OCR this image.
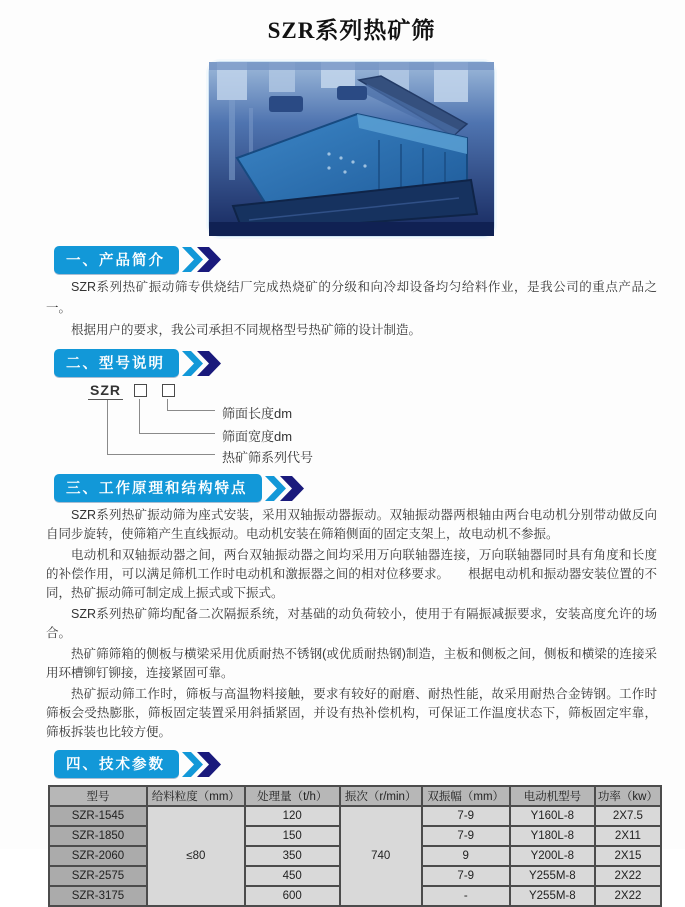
SZR系列热矿筛
一、产品简介

SZR系列热矿振动筛专供烧结厂完成热烧矿的分级和向冷却设备均匀给料作业，是我公司的重点产品之一。

根据用户的要求，我公司承担不同规格型号热矿筛的设计制造。

二、型号说明
SZR
筛面长度dm
筛面宽度dm
热矿筛系列代号
三、工作原理和结构特点

SZR系列热矿振动筛为座式安装，采用双轴振动器振动。双轴振动器两根轴由两台电动机分别带动做反向自同步旋转，使筛箱产生直线振动。电动机安装在筛箱侧面的固定支架上，故电动机不参振。

电动机和双轴振动器之间，两台双轴振动器之间均采用万向联轴器连接，万向联轴器同时具有角度和长度的补偿作用，可以满足筛机工作时电动机和激振器之间的相对位移要求。　　根据电动机和振动器安装位置的不同，热矿振动筛可制定成上振式或下振式。

SZR系列热矿筛均配备二次隔振系统，对基础的动负荷较小，使用于有隔振减振要求，安装高度允许的场合。

热矿筛筛箱的侧板与横梁采用优质耐热不锈钢(或优质耐热钢)制造，主板和侧板之间，侧板和横梁的连接采用环槽铆钉铆接，连接紧固可靠。

热矿振动筛工作时，筛板与高温物料接触，要求有较好的耐磨、耐热性能，故采用耐热合金铸钢。工作时筛板会受热膨胀，筛板固定装置采用斜插紧固，并设有热补偿机构，可保证工作温度状态下，筛板固定牢靠，筛板拆装也比较方便。

四、技术参数
型号	给料粒度（mm）	处理量（t/h）	振次（r/min）	双振幅（mm）	电动机型号	功率（kw）
SZR-1545	≤80	120	740	7-9	Y160L-8	2X7.5
SZR-1850		150		7-9	Y180L-8	2X11
SZR-2060		350		9	Y200L-8	2X15
SZR-2575		450		7-9	Y255M-8	2X22
SZR-3175		600		-	Y255M-8	2X22
